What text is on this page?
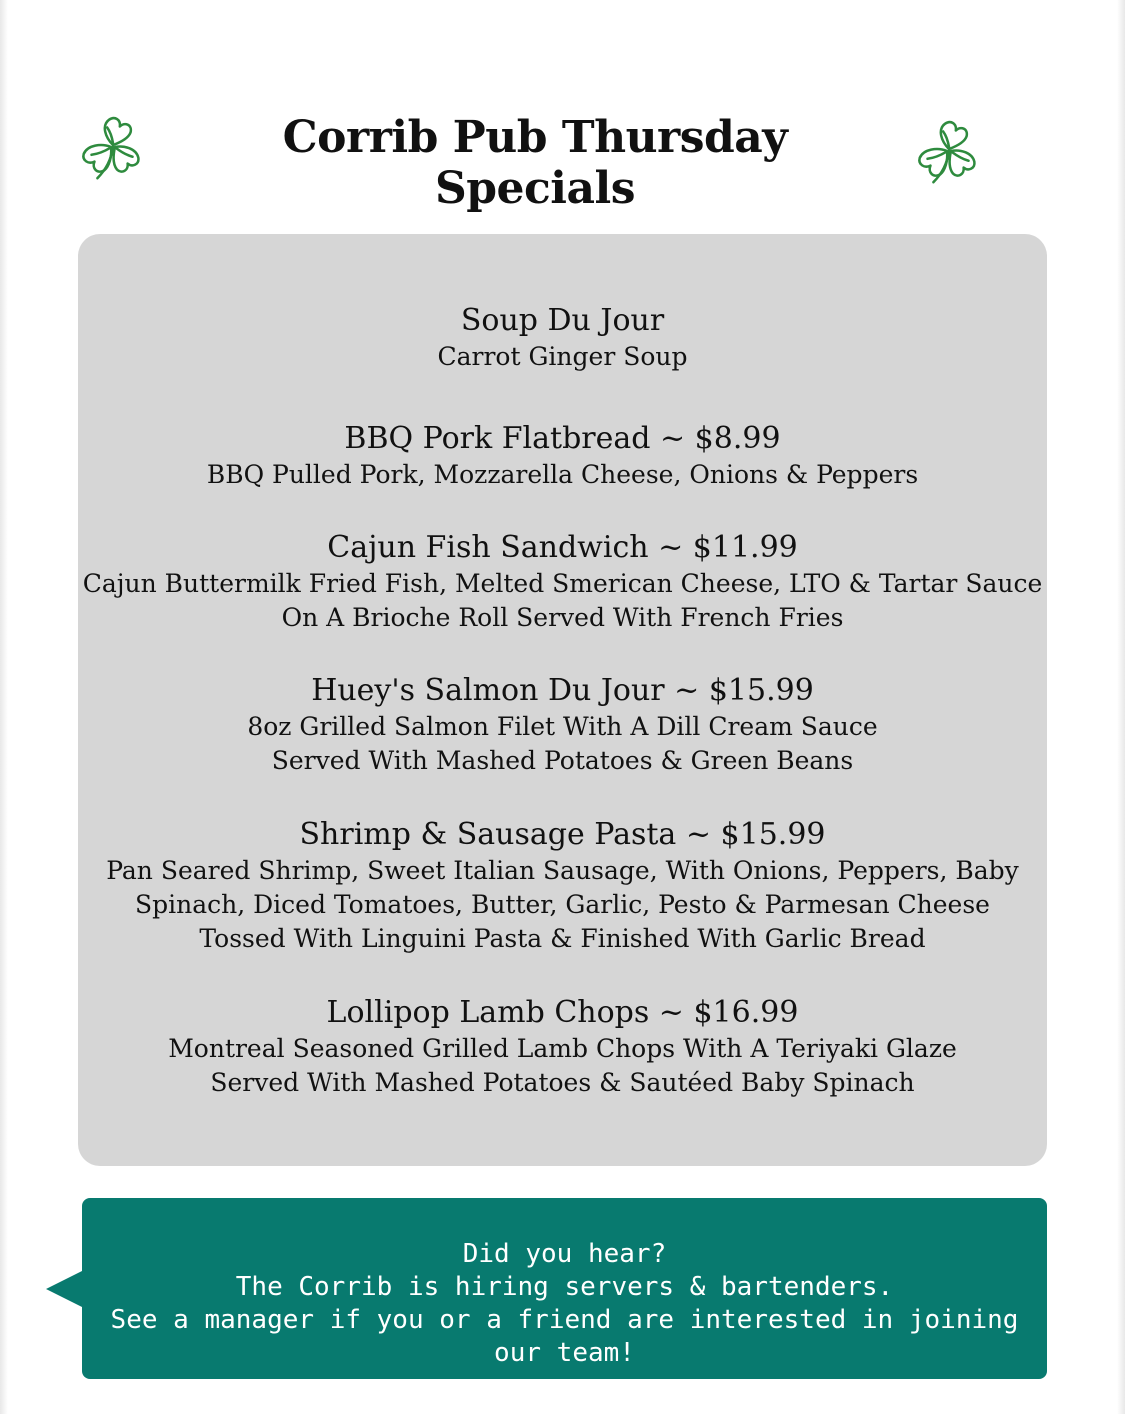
Corrib Pub Thursday Specials

Soup Du Jour

Carrot Ginger Soup

BBQ Pork Flatbread ~ $8.99

BBQ Pulled Pork, Mozzarella Cheese, Onions & Peppers

Cajun Fish Sandwich ~ $11.99

Cajun Buttermilk Fried Fish, Melted Smerican Cheese, LTO & Tartar Sauce

On A Brioche Roll Served With French Fries

Huey's Salmon Du Jour ~ $15.99

8oz Grilled Salmon Filet With A Dill Cream Sauce

Served With Mashed Potatoes & Green Beans

Shrimp & Sausage Pasta ~ $15.99

Pan Seared Shrimp, Sweet Italian Sausage, With Onions, Peppers, Baby

Spinach, Diced Tomatoes, Butter, Garlic, Pesto & Parmesan Cheese

Tossed With Linguini Pasta & Finished With Garlic Bread

Lollipop Lamb Chops ~ $16.99

Montreal Seasoned Grilled Lamb Chops With A Teriyaki Glaze

Served With Mashed Potatoes & Sautéed Baby Spinach

Did you hear?
The Corrib is hiring servers & bartenders.
See a manager if you or a friend are interested in joining our team!
